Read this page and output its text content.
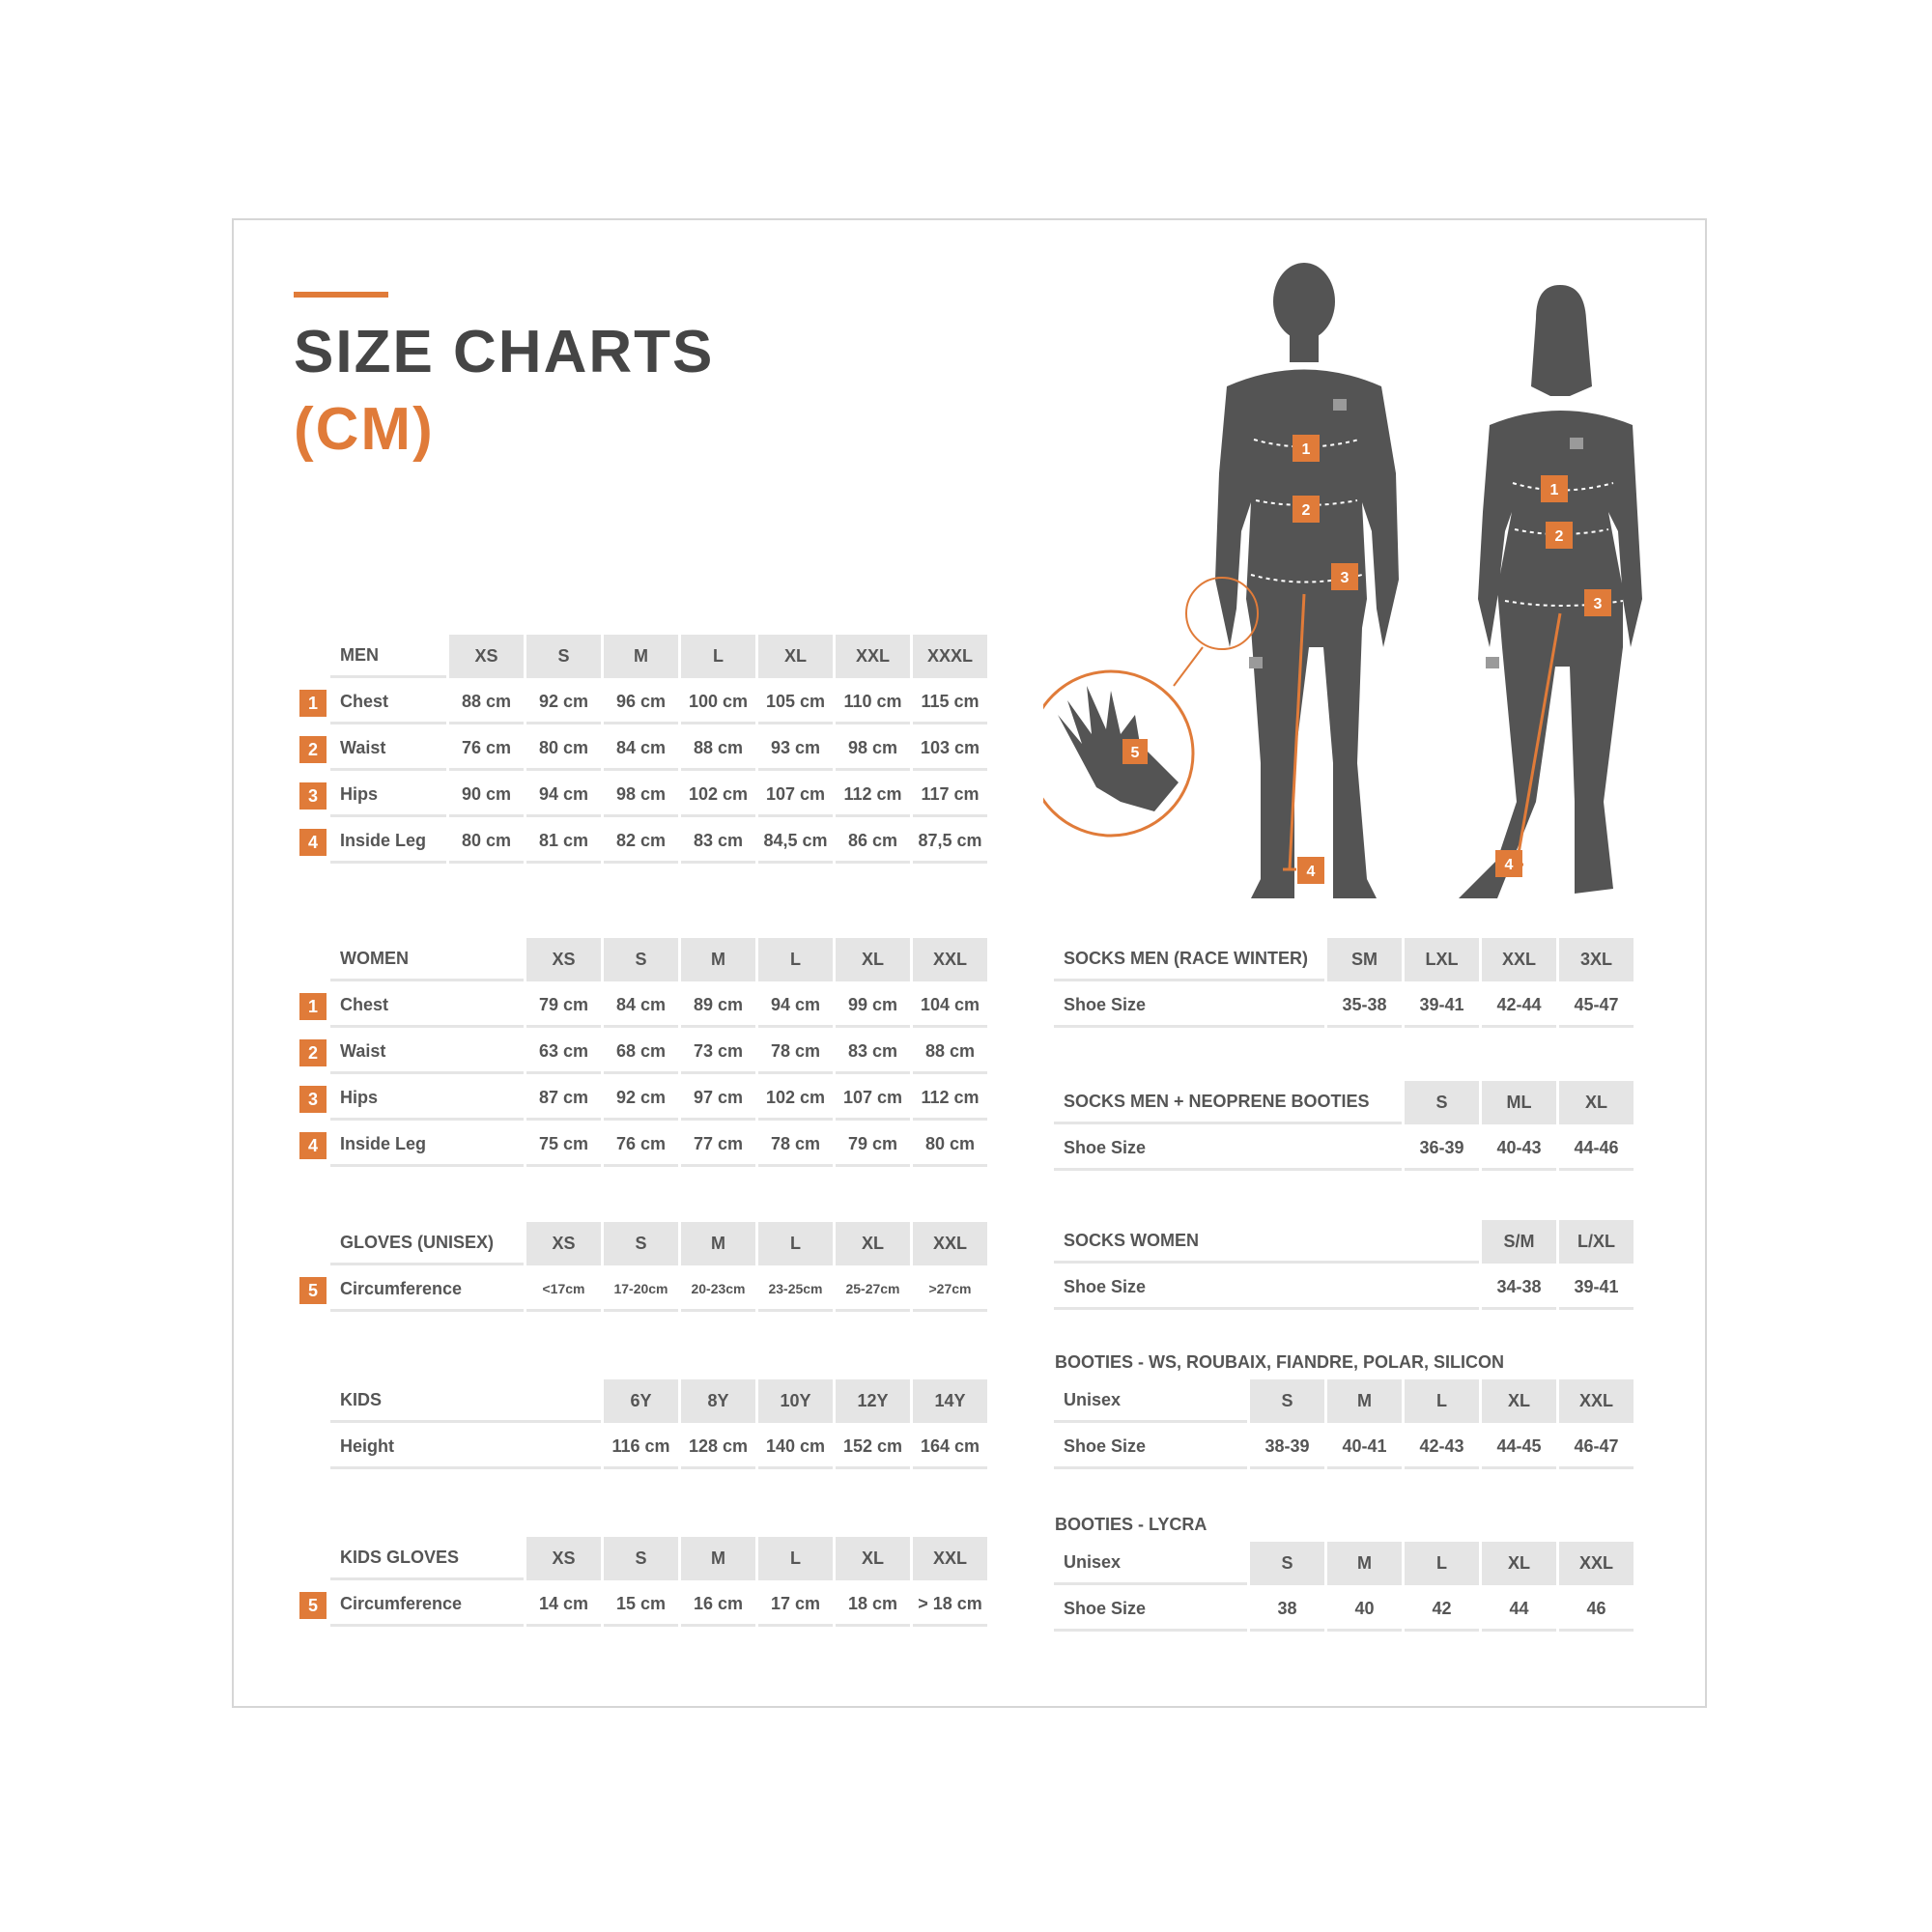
SIZE CHARTS
(CM)	1
2
3
4
1
2
3
4
5
	MEN	XS	S	M	L	XL	XXL	XXXL
1	Chest	88 cm	92 cm	96 cm	100 cm	105 cm	110 cm	115 cm
2	Waist	76 cm	80 cm	84 cm	88 cm	93 cm	98 cm	103 cm
3	Hips	90 cm	94 cm	98 cm	102 cm	107 cm	112 cm	117 cm
4	Inside Leg	80 cm	81 cm	82 cm	83 cm	84,5 cm	86 cm	87,5 cm
	WOMEN	XS	S	M	L	XL	XXL
1	Chest	79 cm	84 cm	89 cm	94 cm	99 cm	104 cm
2	Waist	63 cm	68 cm	73 cm	78 cm	83 cm	88 cm
3	Hips	87 cm	92 cm	97 cm	102 cm	107 cm	112 cm
4	Inside Leg	75 cm	76 cm	77 cm	78 cm	79 cm	80 cm
	GLOVES (UNISEX)	XS	S	M	L	XL	XXL
5	Circumference	<17cm	17-20cm	20-23cm	23-25cm	25-27cm	>27cm
	KIDS	6Y	8Y	10Y	12Y	14Y
	Height	116 cm	128 cm	140 cm	152 cm	164 cm
	KIDS GLOVES	XS	S	M	L	XL	XXL
5	Circumference	14 cm	15 cm	16 cm	17 cm	18 cm	> 18 cm
SOCKS MEN (RACE WINTER)	SM	LXL	XXL	3XL
Shoe Size	35-38	39-41	42-44	45-47
SOCKS MEN + NEOPRENE BOOTIES	S	ML	XL
Shoe Size	36-39	40-43	44-46
SOCKS WOMEN	S/M	L/XL
Shoe Size	34-38	39-41
BOOTIES - WS, ROUBAIX, FIANDRE, POLAR, SILICON
Unisex	S	M	L	XL	XXL
Shoe Size	38-39	40-41	42-43	44-45	46-47
BOOTIES - LYCRA
Unisex	S	M	L	XL	XXL
Shoe Size	38	40	42	44	46
